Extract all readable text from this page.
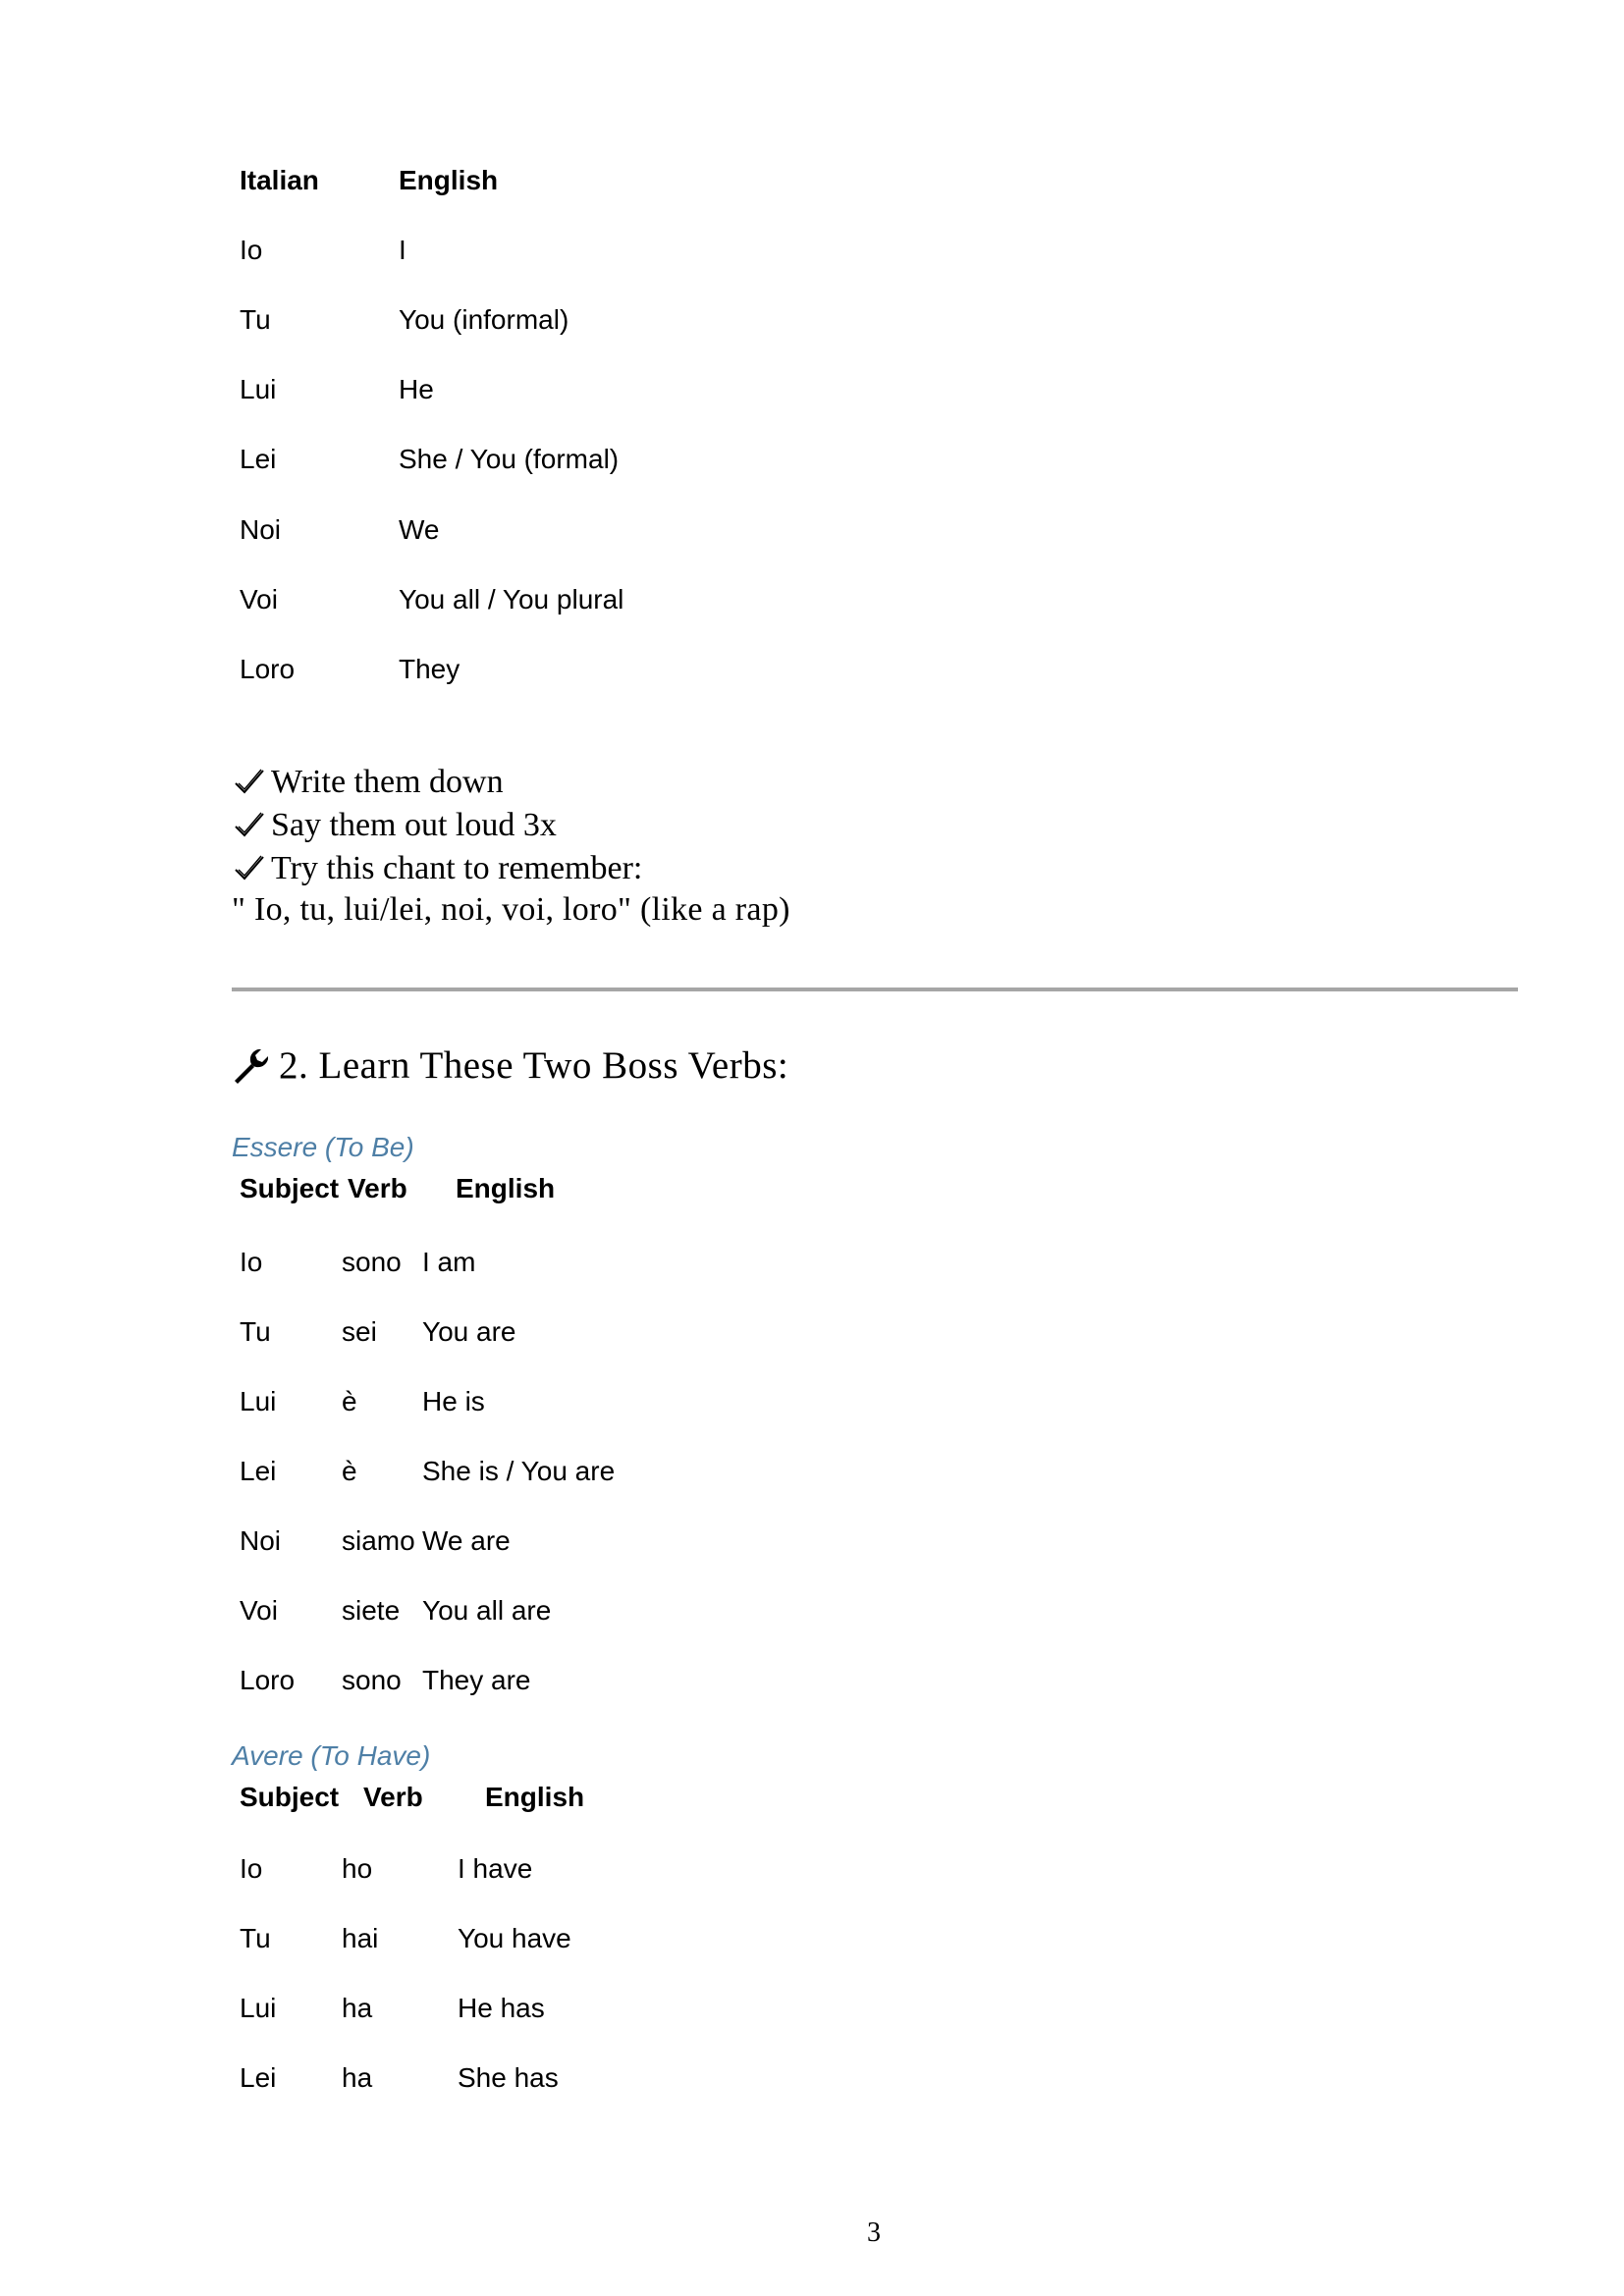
Italian	English
Io	I
Tu	You (informal)
Lui	He
Lei	She / You (formal)
Noi	We
Voi	You all / You plural
Loro	They
Write them down
Say them out loud 3x
Try this chant to remember:
" Io, tu, lui/lei, noi, voi, loro" (like a rap)
2. Learn These Two Boss Verbs:
Essere (To Be)
Subject	Verb	English
Io	sono	I am
Tu	sei	You are
Lui	è	He is
Lei	è	She is / You are
Noi	siamo	We are
Voi	siete	You all are
Loro	sono	They are
Avere (To Have)
Subject	Verb	English
Io	ho	I have
Tu	hai	You have
Lui	ha	He has
Lei	ha	She has
3
